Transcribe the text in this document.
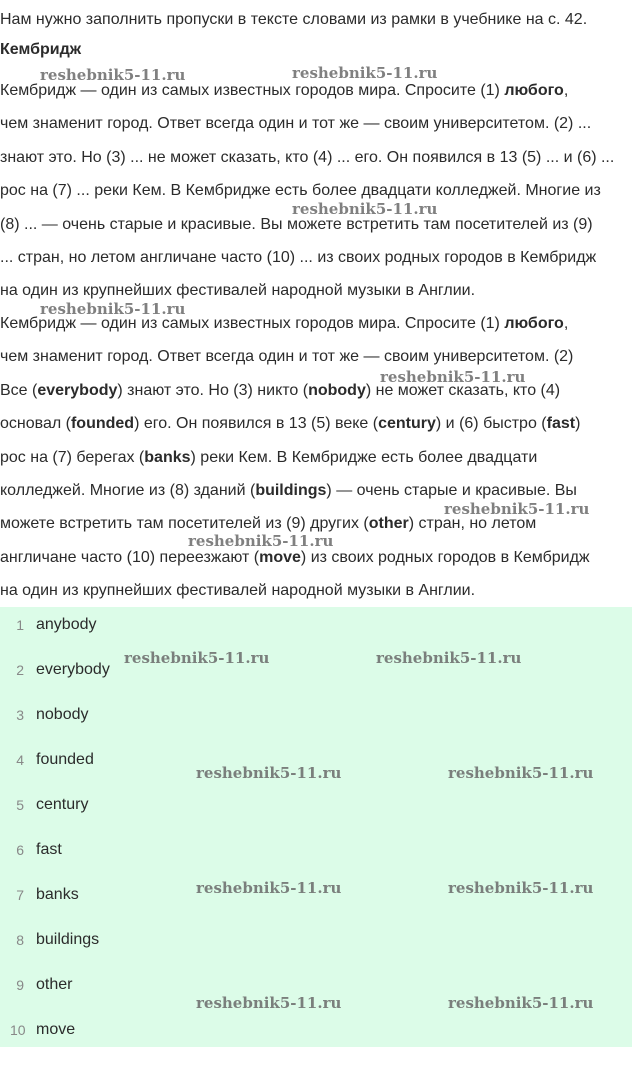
Нам нужно заполнить пропуски в тексте словами из рамки в учебнике на с. 42.
Кембридж
Кембридж — один из самых известных городов мира. Спросите (1) любого,
чем знаменит город. Ответ всегда один и тот же — своим университетом. (2) ...
знают это. Но (3) ... не может сказать, кто (4) ... его. Он появился в 13 (5) ... и (6) ...
рос на (7) ... реки Кем. В Кембридже есть более двадцати колледжей. Многие из
(8) ... — очень старые и красивые. Вы можете встретить там посетителей из (9)
... стран, но летом англичане часто (10) ... из своих родных городов в Кембридж
на один из крупнейших фестивалей народной музыки в Англии.
Кембридж — один из самых известных городов мира. Спросите (1) любого,
чем знаменит город. Ответ всегда один и тот же — своим университетом. (2)
Все (everybody) знают это. Но (3) никто (nobody) не может сказать, кто (4)
основал (founded) его. Он появился в 13 (5) веке (century) и (6) быстро (fast)
рос на (7) берегах (banks) реки Кем. В Кембридже есть более двадцати
колледжей. Многие из (8) зданий (buildings) — очень старые и красивые. Вы
можете встретить там посетителей из (9) других (other) стран, но летом
англичане часто (10) переезжают (move) из своих родных городов в Кембридж
на один из крупнейших фестивалей народной музыки в Англии.
1 anybody
2 everybody
3 nobody
4 founded
5 century
6 fast
7 banks
8 buildings
9 other
10 move
reshebnik5-11.ru	reshebnik5-11.ru
reshebnik5-11.ru
reshebnik5-11.ru
reshebnik5-11.ru
reshebnik5-11.ru
reshebnik5-11.ru
reshebnik5-11.ru	reshebnik5-11.ru
reshebnik5-11.ru	reshebnik5-11.ru
reshebnik5-11.ru	reshebnik5-11.ru
reshebnik5-11.ru	reshebnik5-11.ru
